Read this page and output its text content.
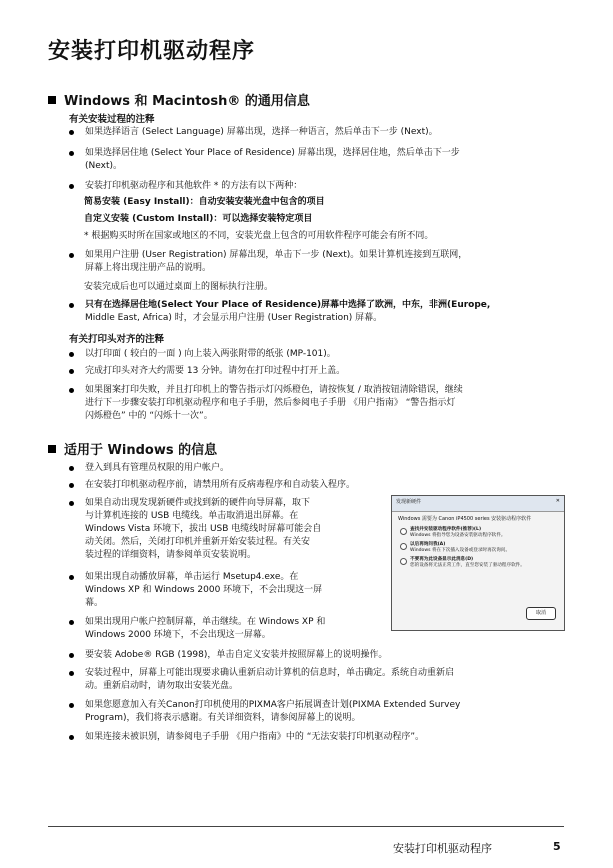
安装打印机驱动程序
Windows 和 Macintosh® 的通用信息
有关安装过程的注释
如果选择语言 (Select Language) 屏幕出现，选择一种语言，然后单击下一步 (Next)。
如果选择居住地 (Select Your Place of Residence) 屏幕出现，选择居住地，然后单击下一步
(Next)。
安装打印机驱动程序和其他软件 * 的方法有以下两种：
简易安装 (Easy Install)：自动安装安装光盘中包含的项目
自定义安装 (Custom Install)：可以选择安装特定项目
* 根据购买时所在国家或地区的不同，安装光盘上包含的可用软件程序可能会有所不同。
如果用户注册 (User Registration) 屏幕出现，单击下一步 (Next)。如果计算机连接到互联网，
屏幕上将出现注册产品的说明。
安装完成后也可以通过桌面上的图标执行注册。
只有在选择居住地(Select Your Place of Residence)屏幕中选择了欧洲，中东，非洲(Europe,
Middle East, Africa) 时，才会显示用户注册 (User Registration) 屏幕。
有关打印头对齐的注释
以打印面 ( 较白的一面 ) 向上装入两张附带的纸张 (MP-101)。
完成打印头对齐大约需要 13 分钟。请勿在打印过程中打开上盖。
如果图案打印失败，并且打印机上的警告指示灯闪烁橙色，请按恢复 / 取消按钮清除错误，继续
进行下一步骤安装打印机驱动程序和电子手册，然后参阅电子手册 《用户指南》 “警告指示灯
闪烁橙色” 中的 “闪烁十一次”。
适用于 Windows 的信息
登入到具有管理员权限的用户帐户。
在安装打印机驱动程序前，请禁用所有反病毒程序和自动装入程序。
如果自动出现发现新硬件或找到新的硬件向导屏幕，取下
与计算机连接的 USB 电缆线。单击取消退出屏幕。在
Windows Vista 环境下，拔出 USB 电缆线时屏幕可能会自
动关闭。然后，关闭打印机并重新开始安装过程。有关安
装过程的详细资料，请参阅单页安装说明。
如果出现自动播放屏幕，单击运行 Msetup4.exe。在
Windows XP 和 Windows 2000 环境下，不会出现这一屏
幕。
如果出现用户帐户控制屏幕，单击继续。在 Windows XP 和
Windows 2000 环境下，不会出现这一屏幕。
要安装 Adobe® RGB (1998)，单击自定义安装并按照屏幕上的说明操作。
安装过程中，屏幕上可能出现要求确认重新启动计算机的信息时，单击确定。系统自动重新启
动。重新启动时，请勿取出安装光盘。
如果您愿意加入有关Canon打印机使用的PIXMA客户拓展调查计划(PIXMA Extended Survey
Program)，我们将表示感谢。有关详细资料，请参阅屏幕上的说明。
如果连接未被识别，请参阅电子手册 《用户指南》中的 “无法安装打印机驱动程序”。
发现新硬件	✕
Windows 需要为 Canon iP4500 series 安装驱动程序软件
查找并安装驱动程序软件(推荐)(L)
Windows 将指导您为设备安装驱动程序软件。
以后再询问我(A)
Windows 将在下次插入设备或登录时再次询问。
不要再为此设备显示此消息(D)
您的设备将无法正常工作，直至您安装了驱动程序软件。
取消
安装打印机驱动程序	5
